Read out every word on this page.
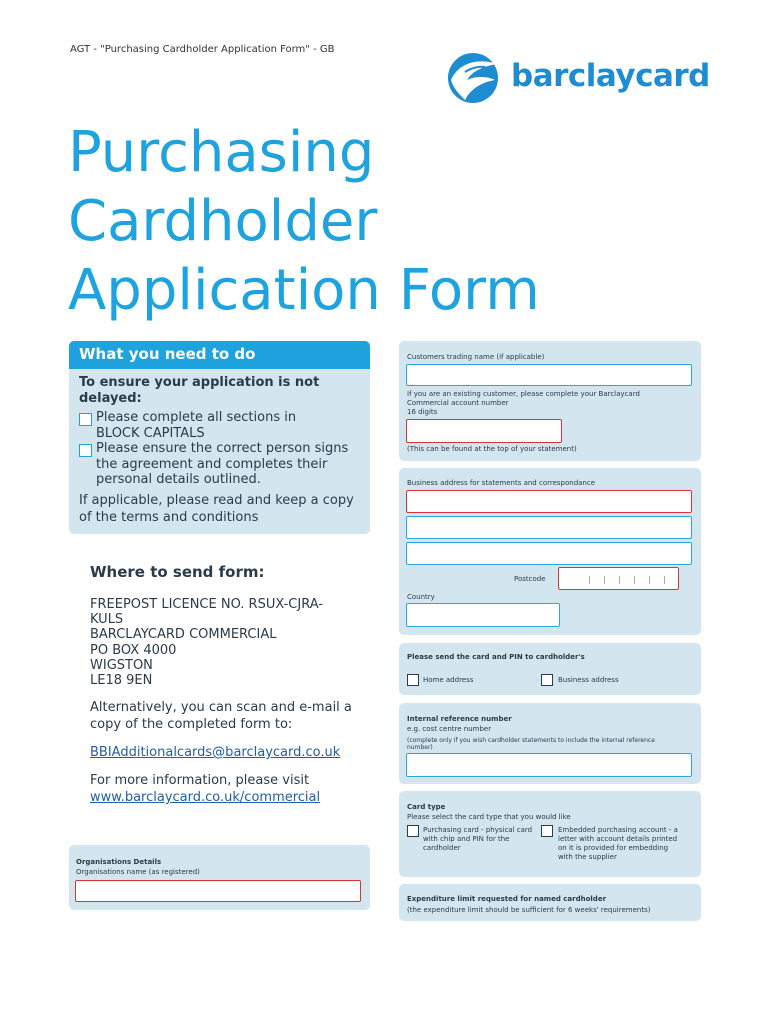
AGT - "Purchasing Cardholder Application Form" - GB
barclaycard
Purchasing
Cardholder
Application Form
What you need to do
To ensure your application is not delayed:
Please complete all sections in BLOCK CAPITALS
Please ensure the correct person signs the agreement and completes their personal details outlined.
If applicable, please read and keep a copy of the terms and conditions
Where to send form:
FREEPOST LICENCE NO. RSUX-CJRA-
KULS
BARCLAYCARD COMMERCIAL
PO BOX 4000
WIGSTON
LE18 9EN
Alternatively, you can scan and e-mail a copy of the completed form to:
BBIAdditionalcards@barclaycard.co.uk
For more information, please visit
www.barclaycard.co.uk/commercial
Organisations Details
Organisations name (as registered)
Customers trading name (if applicable)
If you are an existing customer, please complete your Barclaycard Commercial account number
16 digits
(This can be found at the top of your statement)
Business address for statements and correspondance
Postcode
Country
Please send the card and PIN to cardholder's
Home address	Business address
Internal reference number
e.g. cost centre number
(complete only if you wish cardholder statements to include the internal reference number)
Card type
Please select the card type that you would like
Purchasing card - physical card with chip and PIN for the cardholder
Embedded purchasing account - a letter with account details printed on it is provided for embedding with the supplier
Expenditure limit requested for named cardholder
(the expenditure limit should be sufficient for 6 weeks' requirements)
